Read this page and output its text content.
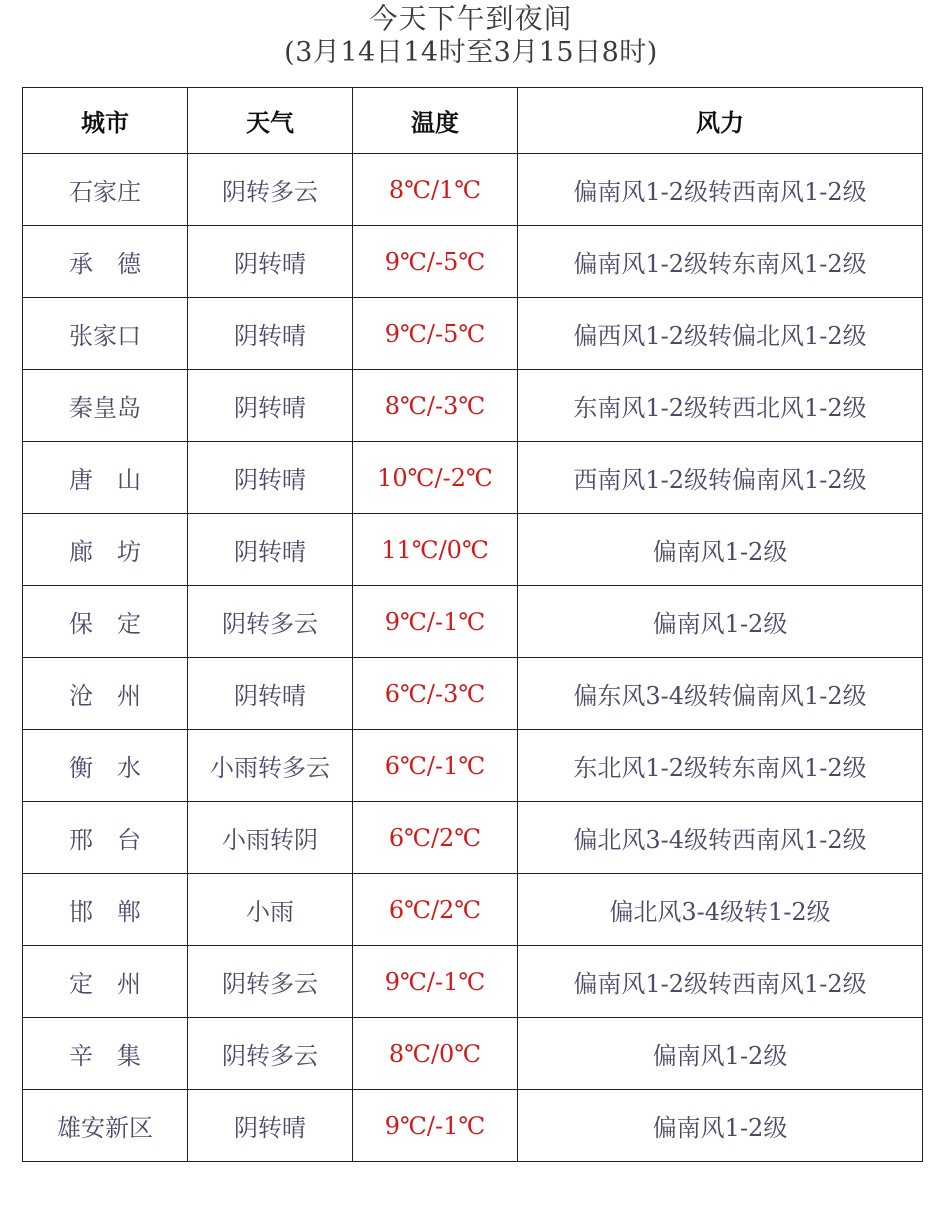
今天下午到夜间
(3月14日14时至3月15日8时)
城市	天气	温度	风力
石家庄	阴转多云	8℃/1℃	偏南风1-2级转西南风1-2级
承　德	阴转晴	9℃/-5℃	偏南风1-2级转东南风1-2级
张家口	阴转晴	9℃/-5℃	偏西风1-2级转偏北风1-2级
秦皇岛	阴转晴	8℃/-3℃	东南风1-2级转西北风1-2级
唐　山	阴转晴	10℃/-2℃	西南风1-2级转偏南风1-2级
廊　坊	阴转晴	11℃/0℃	偏南风1-2级
保　定	阴转多云	9℃/-1℃	偏南风1-2级
沧　州	阴转晴	6℃/-3℃	偏东风3-4级转偏南风1-2级
衡　水	小雨转多云	6℃/-1℃	东北风1-2级转东南风1-2级
邢　台	小雨转阴	6℃/2℃	偏北风3-4级转西南风1-2级
邯　郸	小雨	6℃/2℃	偏北风3-4级转1-2级
定　州	阴转多云	9℃/-1℃	偏南风1-2级转西南风1-2级
辛　集	阴转多云	8℃/0℃	偏南风1-2级
雄安新区	阴转晴	9℃/-1℃	偏南风1-2级
